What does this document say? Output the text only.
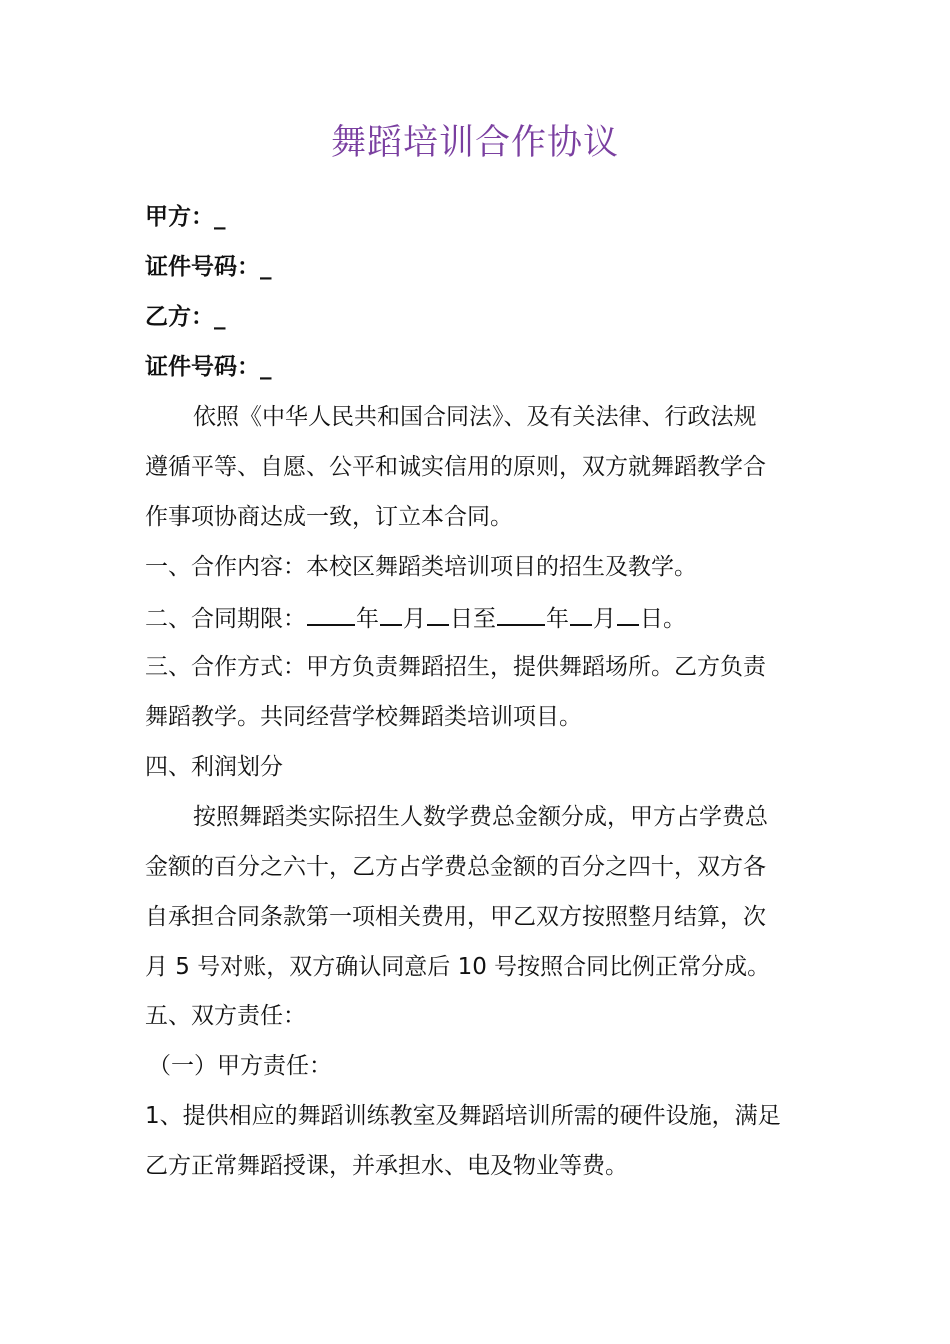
舞蹈培训合作协议
甲方：_
证件号码：_
乙方：_
证件号码：_
依照《中华人民共和国合同法》、及有关法律、行政法规
遵循平等、自愿、公平和诚实信用的原则，双方就舞蹈教学合
作事项协商达成一致，订立本合同。
一、合作内容：本校区舞蹈类培训项目的招生及教学。
二、合同期限： 年 月 日至 年 月 日。
三、合作方式：甲方负责舞蹈招生，提供舞蹈场所。乙方负责
舞蹈教学。共同经营学校舞蹈类培训项目。
四、利润划分
按照舞蹈类实际招生人数学费总金额分成，甲方占学费总
金额的百分之六十，乙方占学费总金额的百分之四十，双方各
自承担合同条款第一项相关费用，甲乙双方按照整月结算，次
月 5 号对账，双方确认同意后 10 号按照合同比例正常分成。
五、双方责任：
（一）甲方责任：
1、提供相应的舞蹈训练教室及舞蹈培训所需的硬件设施，满足
乙方正常舞蹈授课，并承担水、电及物业等费。
